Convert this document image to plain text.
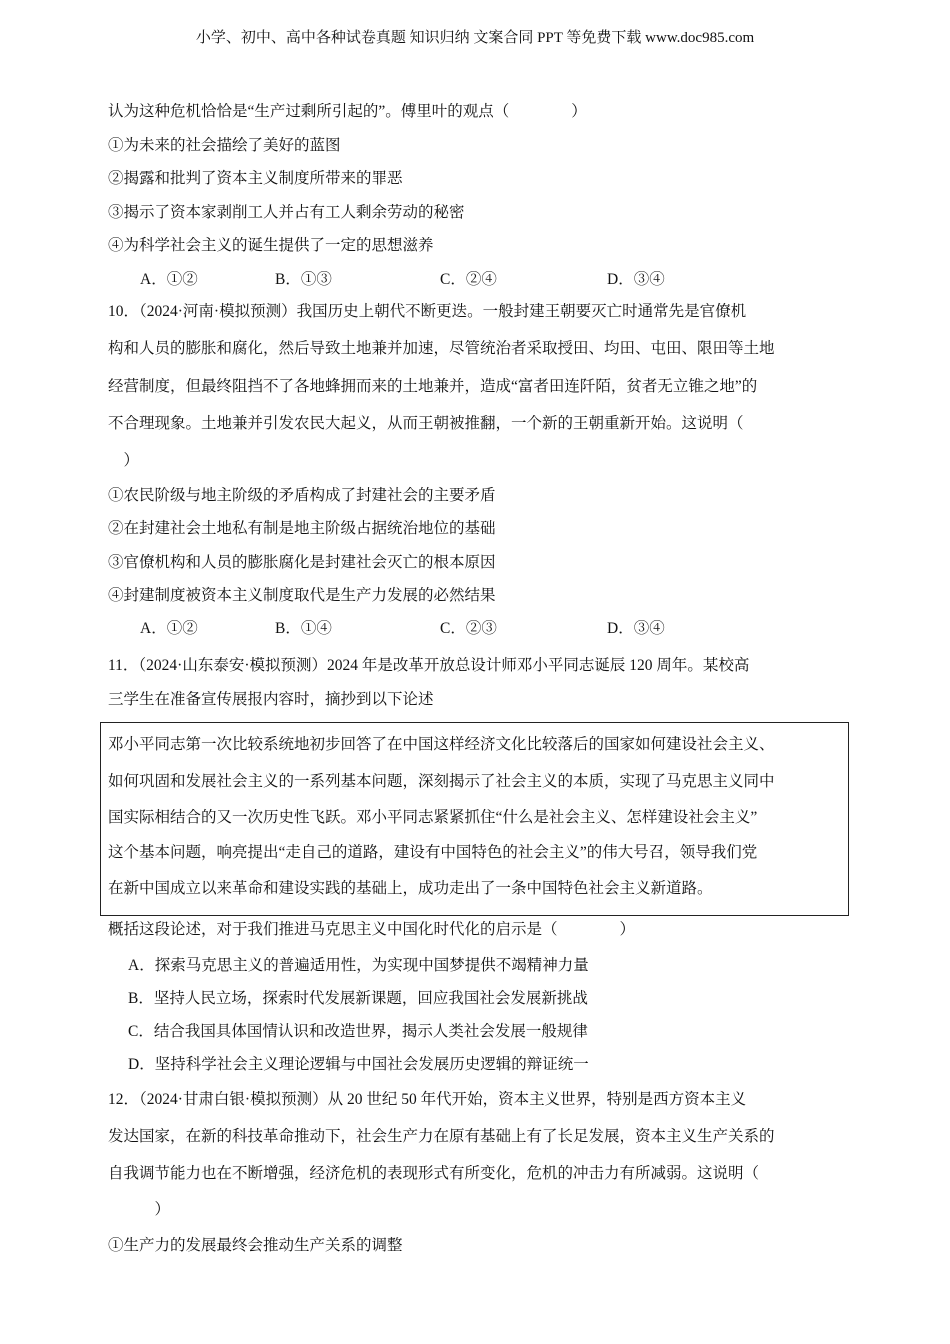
小学、初中、高中各种试卷真题 知识归纳 文案合同 PPT 等免费下载 www.doc985.com
认为这种危机恰恰是“生产过剩所引起的”。傅里叶的观点（　　　　）
①为未来的社会描绘了美好的蓝图
②揭露和批判了资本主义制度所带来的罪恶
③揭示了资本家剥削工人并占有工人剩余劳动的秘密
④为科学社会主义的诞生提供了一定的思想滋养
A．①②	B．①③	C．②④	D．③④
10．（2024·河南·模拟预测）我国历史上朝代不断更迭。一般封建王朝要灭亡时通常先是官僚机
构和人员的膨胀和腐化，然后导致土地兼并加速，尽管统治者采取授田、均田、屯田、限田等土地
经营制度，但最终阻挡不了各地蜂拥而来的土地兼并，造成“富者田连阡陌，贫者无立锥之地”的
不合理现象。土地兼并引发农民大起义，从而王朝被推翻，一个新的王朝重新开始。这说明（
　）
①农民阶级与地主阶级的矛盾构成了封建社会的主要矛盾
②在封建社会土地私有制是地主阶级占据统治地位的基础
③官僚机构和人员的膨胀腐化是封建社会灭亡的根本原因
④封建制度被资本主义制度取代是生产力发展的必然结果
A．①②	B．①④	C．②③	D．③④
11．（2024·山东泰安·模拟预测）2024 年是改革开放总设计师邓小平同志诞辰 120 周年。某校高
三学生在准备宣传展报内容时，摘抄到以下论述
邓小平同志第一次比较系统地初步回答了在中国这样经济文化比较落后的国家如何建设社会主义、
如何巩固和发展社会主义的一系列基本问题，深刻揭示了社会主义的本质，实现了马克思主义同中
国实际相结合的又一次历史性飞跃。邓小平同志紧紧抓住“什么是社会主义、怎样建设社会主义”
这个基本问题，响亮提出“走自己的道路，建设有中国特色的社会主义”的伟大号召，领导我们党
在新中国成立以来革命和建设实践的基础上，成功走出了一条中国特色社会主义新道路。
概括这段论述，对于我们推进马克思主义中国化时代化的启示是（　　　　）
A．探索马克思主义的普遍适用性，为实现中国梦提供不竭精神力量
B．坚持人民立场，探索时代发展新课题，回应我国社会发展新挑战
C．结合我国具体国情认识和改造世界，揭示人类社会发展一般规律
D．坚持科学社会主义理论逻辑与中国社会发展历史逻辑的辩证统一
12．（2024·甘肃白银·模拟预测）从 20 世纪 50 年代开始，资本主义世界，特别是西方资本主义
发达国家，在新的科技革命推动下，社会生产力在原有基础上有了长足发展，资本主义生产关系的
自我调节能力也在不断增强，经济危机的表现形式有所变化，危机的冲击力有所减弱。这说明（
　　　）
①生产力的发展最终会推动生产关系的调整
